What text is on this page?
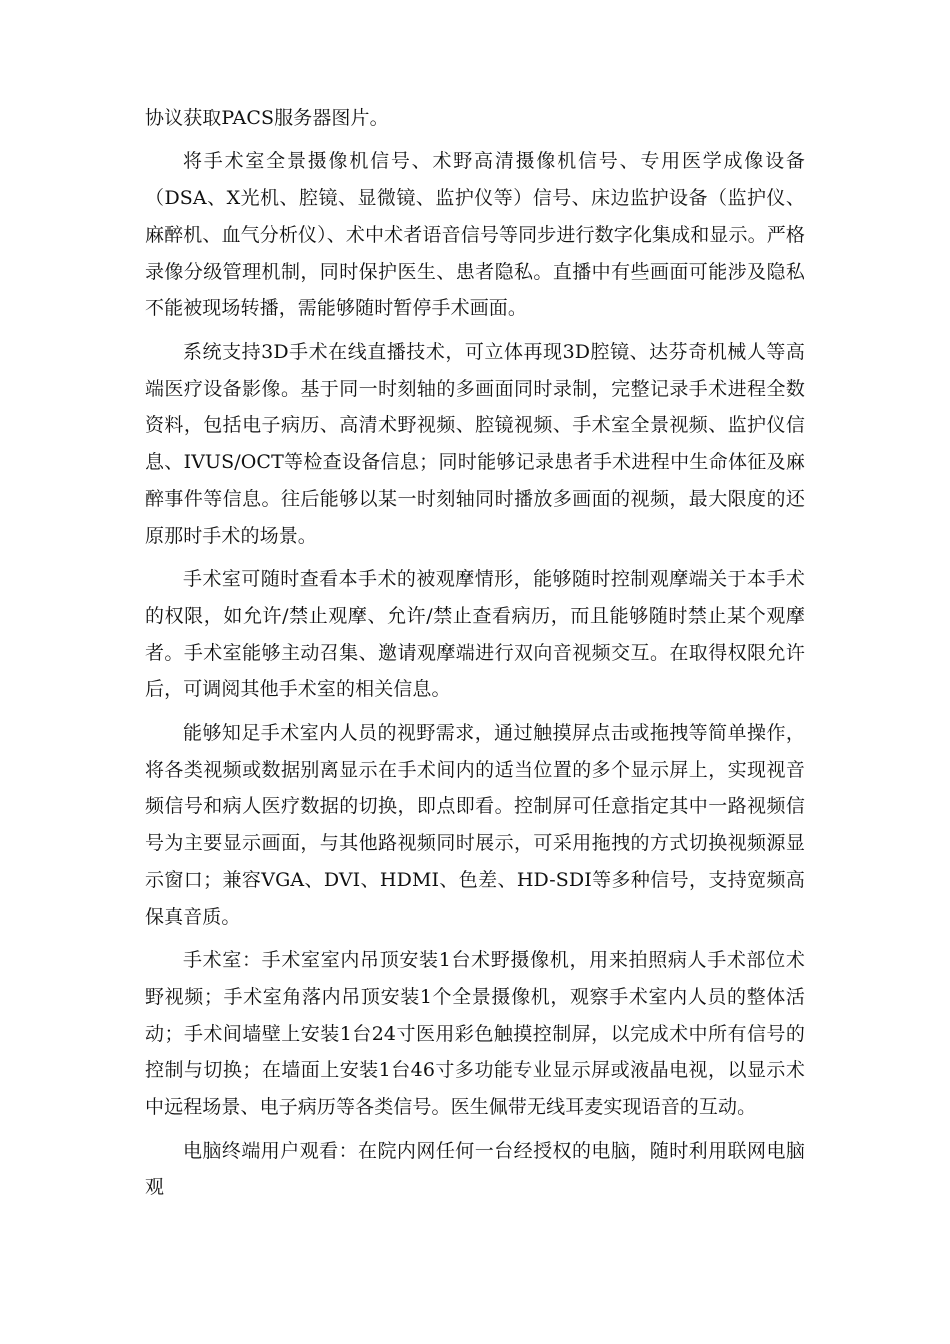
协议获取PACS服务器图片。

将手术室全景摄像机信号、术野高清摄像机信号、专用医学成像设备（DSA、X光机、腔镜、显微镜、监护仪等）信号、床边监护设备（监护仪、麻醉机、血气分析仪）、术中术者语音信号等同步进行数字化集成和显示。严格录像分级管理机制，同时保护医生、患者隐私。直播中有些画面可能涉及隐私不能被现场转播，需能够随时暂停手术画面。

系统支持3D手术在线直播技术，可立体再现3D腔镜、达芬奇机械人等高端医疗设备影像。基于同一时刻轴的多画面同时录制，完整记录手术进程全数资料，包括电子病历、高清术野视频、腔镜视频、手术室全景视频、监护仪信息、IVUS/OCT等检查设备信息；同时能够记录患者手术进程中生命体征及麻醉事件等信息。往后能够以某一时刻轴同时播放多画面的视频，最大限度的还原那时手术的场景。

手术室可随时查看本手术的被观摩情形，能够随时控制观摩端关于本手术的权限，如允许/禁止观摩、允许/禁止查看病历，而且能够随时禁止某个观摩者。手术室能够主动召集、邀请观摩端进行双向音视频交互。在取得权限允许后，可调阅其他手术室的相关信息。

能够知足手术室内人员的视野需求，通过触摸屏点击或拖拽等简单操作，将各类视频或数据别离显示在手术间内的适当位置的多个显示屏上，实现视音频信号和病人医疗数据的切换，即点即看。控制屏可任意指定其中一路视频信号为主要显示画面，与其他路视频同时展示，可采用拖拽的方式切换视频源显示窗口；兼容VGA、DVI、HDMI、色差、HD-SDI等多种信号，支持宽频高保真音质。

手术室：手术室室内吊顶安装1台术野摄像机，用来拍照病人手术部位术野视频；手术室角落内吊顶安装1个全景摄像机，观察手术室内人员的整体活动；手术间墙壁上安装1台24寸医用彩色触摸控制屏，以完成术中所有信号的控制与切换；在墙面上安装1台46寸多功能专业显示屏或液晶电视，以显示术中远程场景、电子病历等各类信号。医生佩带无线耳麦实现语音的互动。

电脑终端用户观看：在院内网任何一台经授权的电脑，随时利用联网电脑观
